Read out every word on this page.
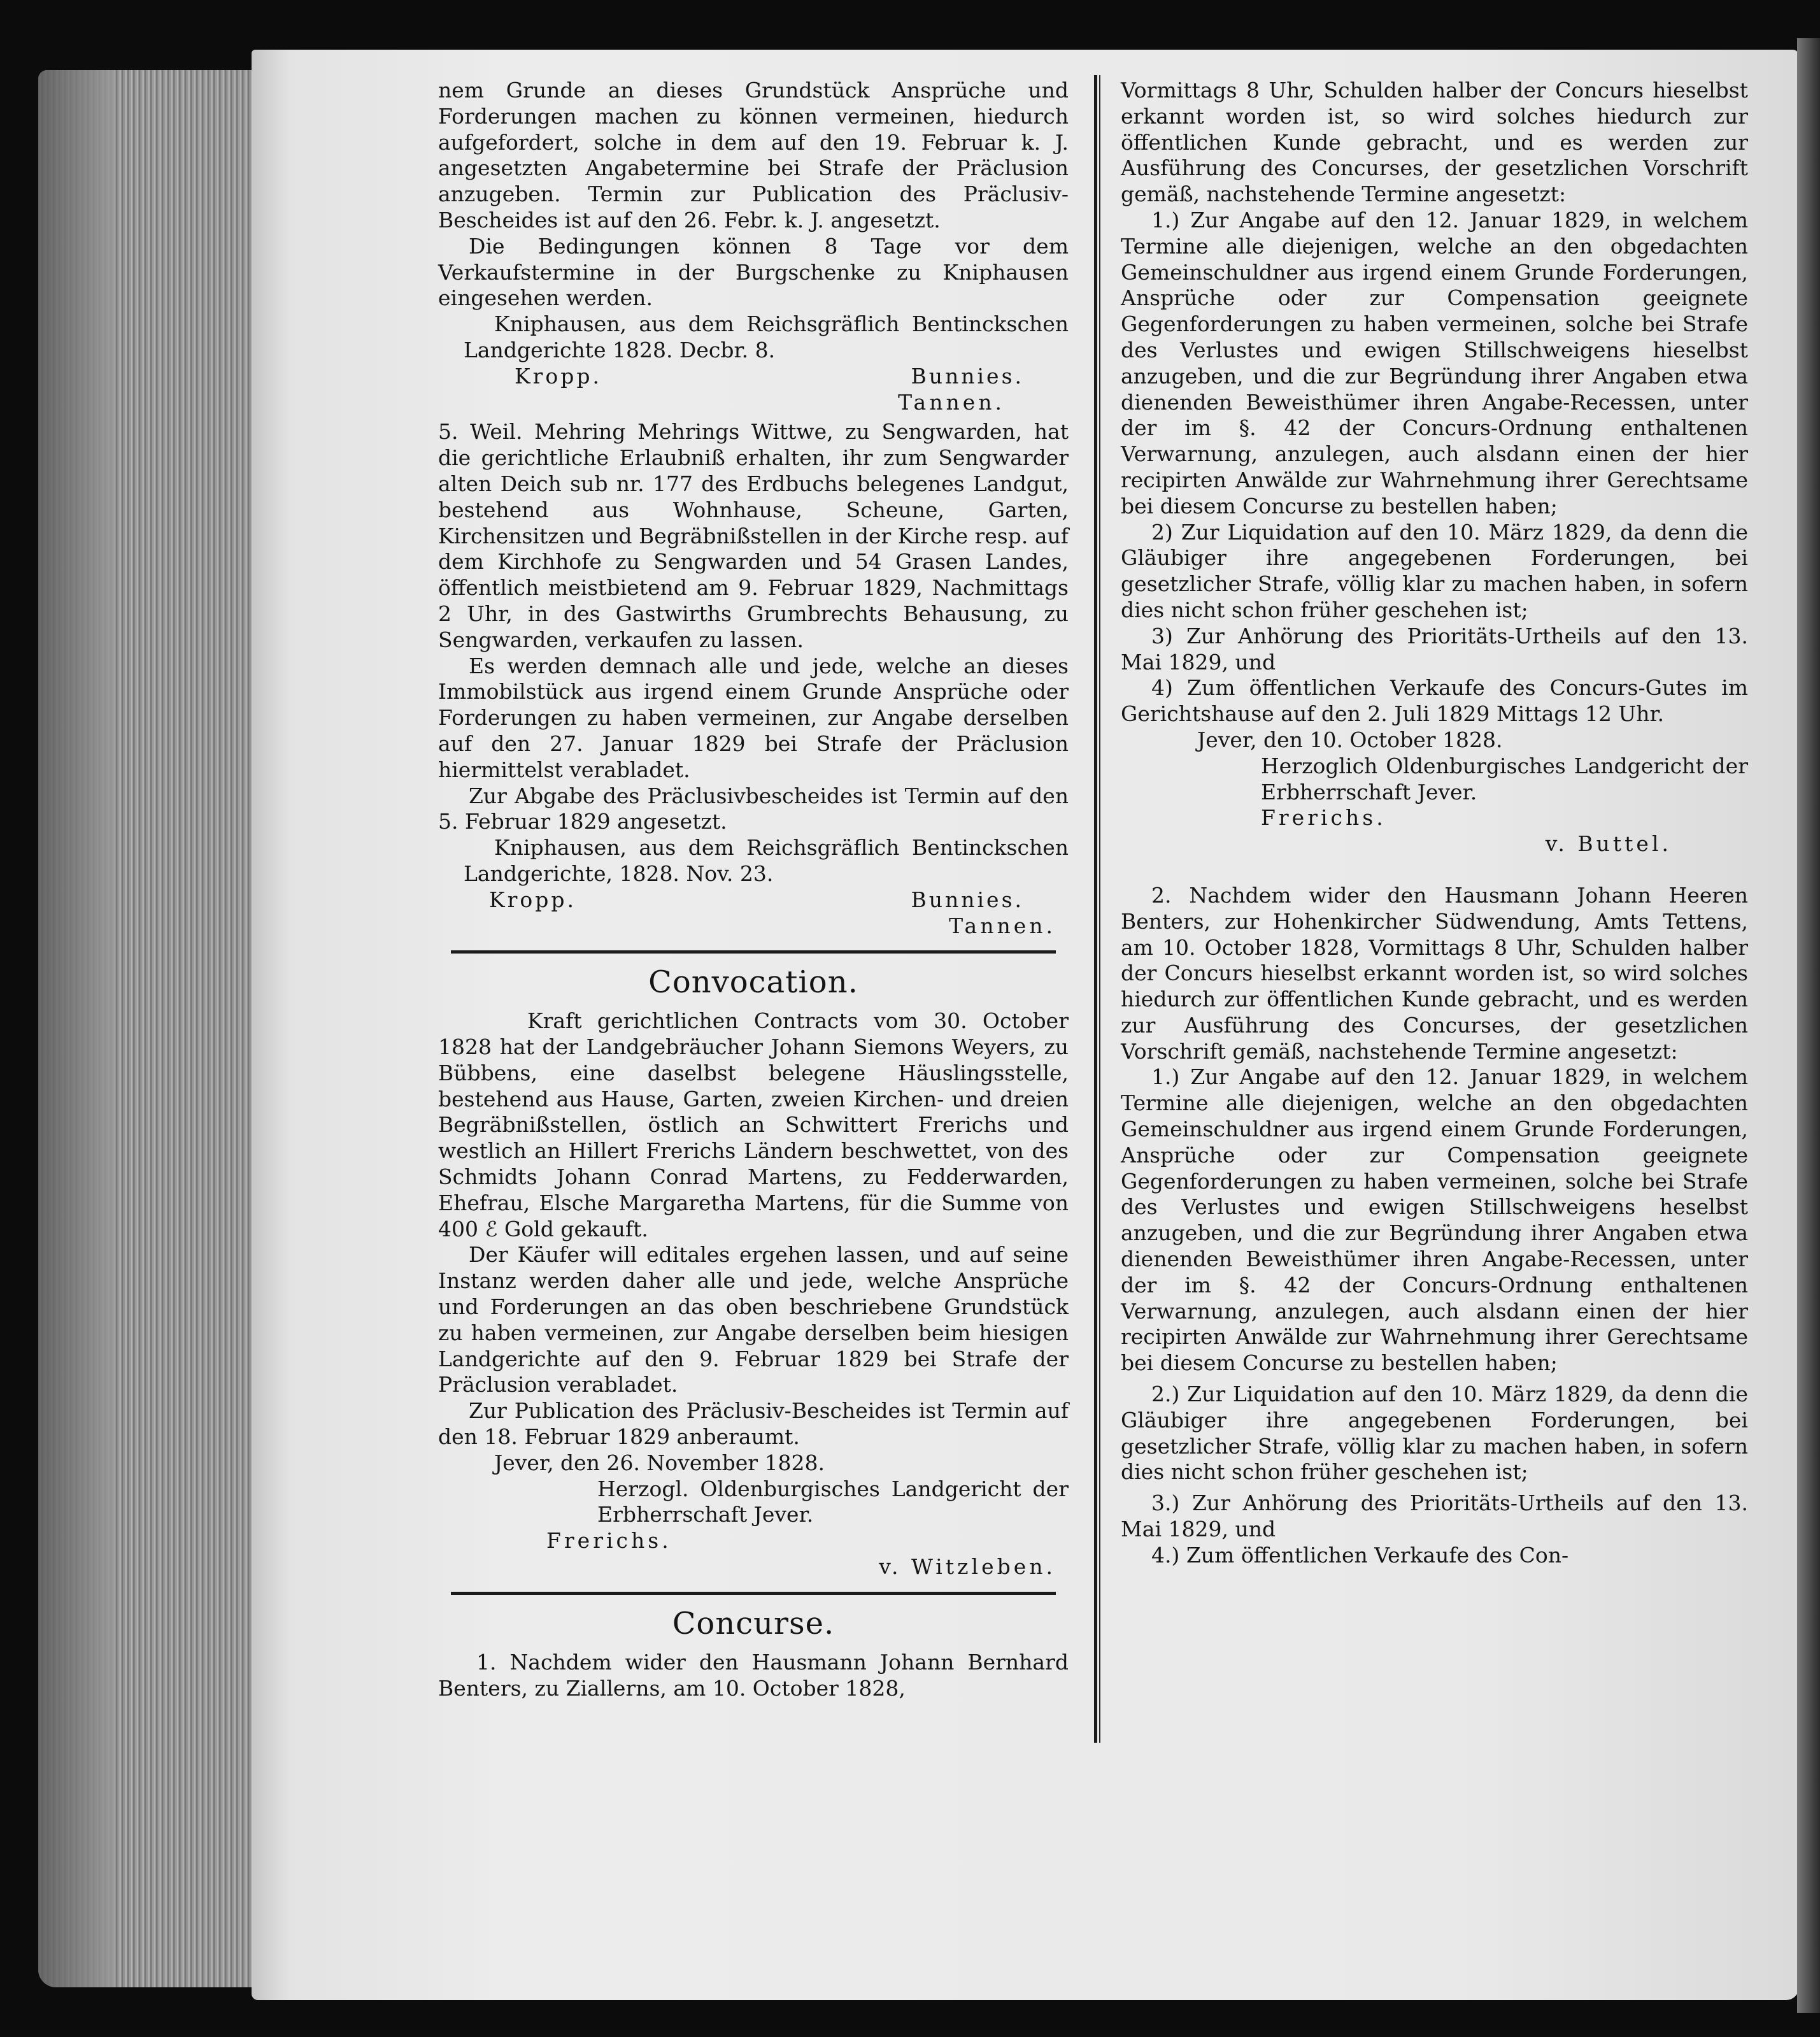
nem Grunde an dieses Grundstück Ansprüche und Forderungen machen zu können vermeinen, hiedurch aufgefordert, solche in dem auf den 19. Februar k. J. angesetzten Angabetermine bei Strafe der Präclusion anzugeben. Termin zur Publication des Präclusiv-Bescheides ist auf den 26. Febr. k. J. angesetzt.

Die Bedingungen können 8 Tage vor dem Verkaufstermine in der Burgschenke zu Kniphausen eingesehen werden.

Kniphausen, aus dem Reichsgräflich Bentinckschen Landgerichte 1828. Decbr. 8.

Kropp.	Bunnies.

Tannen.

5. Weil. Mehring Mehrings Wittwe, zu Sengwarden, hat die gerichtliche Erlaubniß erhalten, ihr zum Sengwarder alten Deich sub nr. 177 des Erdbuchs belegenes Landgut, bestehend aus Wohnhause, Scheune, Garten, Kirchensitzen und Begräbnißstellen in der Kirche resp. auf dem Kirchhofe zu Sengwarden und 54 Grasen Landes, öffentlich meistbietend am 9. Februar 1829, Nachmittags 2 Uhr, in des Gastwirths Grumbrechts Behausung, zu Sengwarden, verkaufen zu lassen.

Es werden demnach alle und jede, welche an dieses Immobilstück aus irgend einem Grunde Ansprüche oder Forderungen zu haben vermeinen, zur Angabe derselben auf den 27. Januar 1829 bei Strafe der Präclusion hiermittelst verabladet.

Zur Abgabe des Präclusivbescheides ist Termin auf den 5. Februar 1829 angesetzt.

Kniphausen, aus dem Reichsgräflich Bentinckschen Landgerichte, 1828. Nov. 23.

Kropp.	Bunnies.

Tannen.

Convocation.

Kraft gerichtlichen Contracts vom 30. October 1828 hat der Landgebräucher Johann Siemons Weyers, zu Bübbens, eine daselbst belegene Häuslingsstelle, bestehend aus Hause, Garten, zweien Kirchen- und dreien Begräbnißstellen, östlich an Schwittert Frerichs und westlich an Hillert Frerichs Ländern beschwettet, von des Schmidts Johann Conrad Martens, zu Fedderwarden, Ehefrau, Elsche Margaretha Martens, für die Summe von 400 ℰ Gold gekauft.

Der Käufer will editales ergehen lassen, und auf seine Instanz werden daher alle und jede, welche Ansprüche und Forderungen an das oben beschriebene Grundstück zu haben vermeinen, zur Angabe derselben beim hiesigen Landgerichte auf den 9. Februar 1829 bei Strafe der Präclusion verabladet.

Zur Publication des Präclusiv-Bescheides ist Termin auf den 18. Februar 1829 anberaumt.

Jever, den 26. November 1828.

Herzogl. Oldenburgisches Landgericht der Erbherrschaft Jever.

Frerichs.

v. Witzleben.

Concurse.

1. Nachdem wider den Hausmann Johann Bernhard Benters, zu Ziallerns, am 10. October 1828,

Vormittags 8 Uhr, Schulden halber der Concurs hieselbst erkannt worden ist, so wird solches hiedurch zur öffentlichen Kunde gebracht, und es werden zur Ausführung des Concurses, der gesetzlichen Vorschrift gemäß, nachstehende Termine angesetzt:

1.) Zur Angabe auf den 12. Januar 1829, in welchem Termine alle diejenigen, welche an den obgedachten Gemeinschuldner aus irgend einem Grunde Forderungen, Ansprüche oder zur Compensation geeignete Gegenforderungen zu haben vermeinen, solche bei Strafe des Verlustes und ewigen Stillschweigens hieselbst anzugeben, und die zur Begründung ihrer Angaben etwa dienenden Beweisthümer ihren Angabe-Recessen, unter der im §. 42 der Concurs-Ordnung enthaltenen Verwarnung, anzulegen, auch alsdann einen der hier recipirten Anwälde zur Wahrnehmung ihrer Gerechtsame bei diesem Concurse zu bestellen haben;

2) Zur Liquidation auf den 10. März 1829, da denn die Gläubiger ihre angegebenen Forderungen, bei gesetzlicher Strafe, völlig klar zu machen haben, in sofern dies nicht schon früher geschehen ist;

3) Zur Anhörung des Prioritäts-Urtheils auf den 13. Mai 1829, und

4) Zum öffentlichen Verkaufe des Concurs-Gutes im Gerichtshause auf den 2. Juli 1829 Mittags 12 Uhr.

Jever, den 10. October 1828.

Herzoglich Oldenburgisches Landgericht der Erbherrschaft Jever.

Frerichs.

v. Buttel.

2. Nachdem wider den Hausmann Johann Heeren Benters, zur Hohenkircher Südwendung, Amts Tettens, am 10. October 1828, Vormittags 8 Uhr, Schulden halber der Concurs hieselbst erkannt worden ist, so wird solches hiedurch zur öffentlichen Kunde gebracht, und es werden zur Ausführung des Concurses, der gesetzlichen Vorschrift gemäß, nachstehende Termine angesetzt:

1.) Zur Angabe auf den 12. Januar 1829, in welchem Termine alle diejenigen, welche an den obgedachten Gemeinschuldner aus irgend einem Grunde Forderungen, Ansprüche oder zur Compensation geeignete Gegenforderungen zu haben vermeinen, solche bei Strafe des Verlustes und ewigen Stillschweigens heselbst anzugeben, und die zur Begründung ihrer Angaben etwa dienenden Beweisthümer ihren Angabe-Recessen, unter der im §. 42 der Concurs-Ordnung enthaltenen Verwarnung, anzulegen, auch alsdann einen der hier recipirten Anwälde zur Wahrnehmung ihrer Gerechtsame bei diesem Concurse zu bestellen haben;

2.) Zur Liquidation auf den 10. März 1829, da denn die Gläubiger ihre angegebenen Forderungen, bei gesetzlicher Strafe, völlig klar zu machen haben, in sofern dies nicht schon früher geschehen ist;

3.) Zur Anhörung des Prioritäts-Urtheils auf den 13. Mai 1829, und

4.) Zum öffentlichen Verkaufe des Con-
